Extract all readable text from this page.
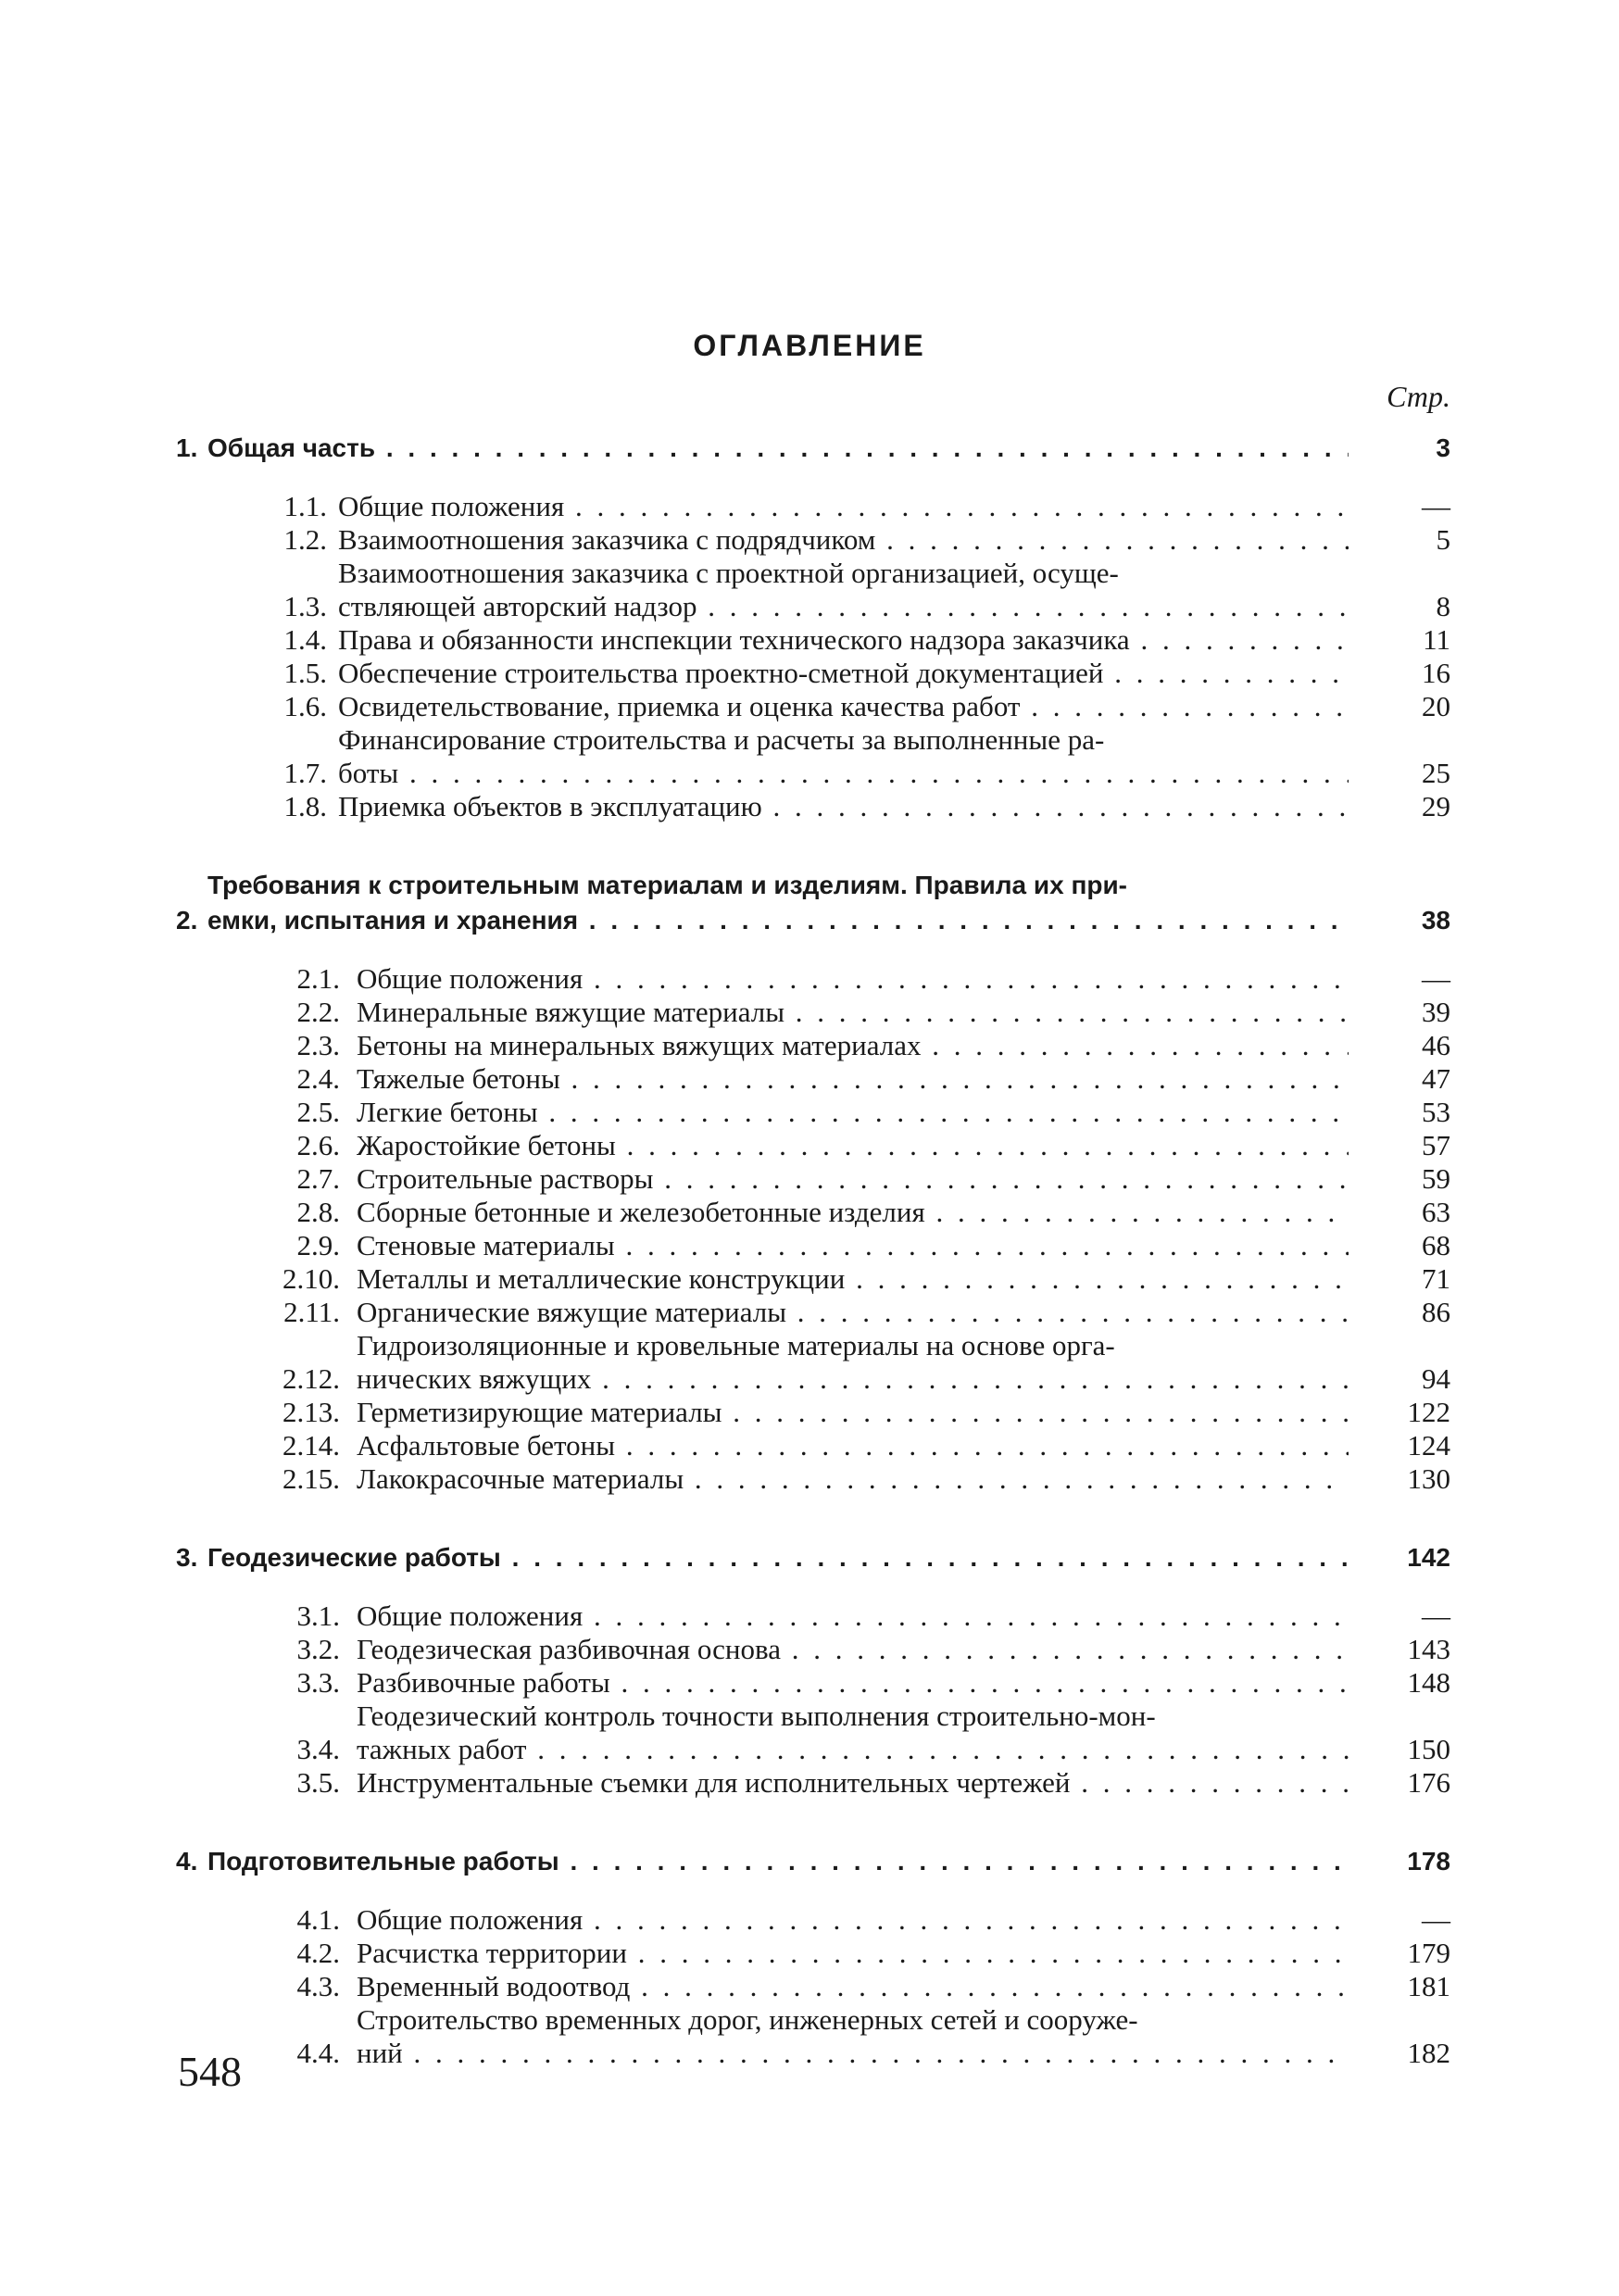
ОГЛАВЛЕНИЕ
Стр.
1. Общая часть . . .	3
1.1. Общие положения . . .	—
1.2. Взаимоотношения заказчика с подрядчиком . . .	5
1.3.
Взаимоотношения заказчика с проектной организацией, осуще-
ствляющей авторский надзор . . .	8
1.4. Права и обязанности инспекции технического надзора заказчика . . .	11
1.5. Обеспечение строительства проектно-сметной документацией . . .	16
1.6. Освидетельствование, приемка и оценка качества работ . . .	20
1.7.
Финансирование строительства и расчеты за выполненные ра-
боты . . .	25
1.8. Приемка объектов в эксплуатацию . . .	29
2.
Требования к строительным материалам и изделиям. Правила их при-
емки, испытания и хранения . . .	38
2.1. Общие положения . . .	—
2.2. Минеральные вяжущие материалы . . .	39
2.3. Бетоны на минеральных вяжущих материалах . . .	46
2.4. Тяжелые бетоны . . .	47
2.5. Легкие бетоны . . .	53
2.6. Жаростойкие бетоны . . .	57
2.7. Строительные растворы . . .	59
2.8. Сборные бетонные и железобетонные изделия . . .	63
2.9. Стеновые материалы . . .	68
2.10. Металлы и металлические конструкции . . .	71
2.11. Органические вяжущие материалы . . .	86
2.12.
Гидроизоляционные и кровельные материалы на основе орга-
нических вяжущих . . .	94
2.13. Герметизирующие материалы . . .	122
2.14. Асфальтовые бетоны . . .	124
2.15. Лакокрасочные материалы . . .	130
3. Геодезические работы . . .	142
3.1. Общие положения . . .	—
3.2. Геодезическая разбивочная основа . . .	143
3.3. Разбивочные работы . . .	148
3.4.
Геодезический контроль точности выполнения строительно-мон-
тажных работ . . .	150
3.5. Инструментальные съемки для исполнительных чертежей . . .	176
4. Подготовительные работы . . .	178
4.1. Общие положения . . .	—
4.2. Расчистка территории . . .	179
4.3. Временный водоотвод . . .	181
4.4.
Строительство временных дорог, инженерных сетей и сооруже-
ний . . .	182
548
